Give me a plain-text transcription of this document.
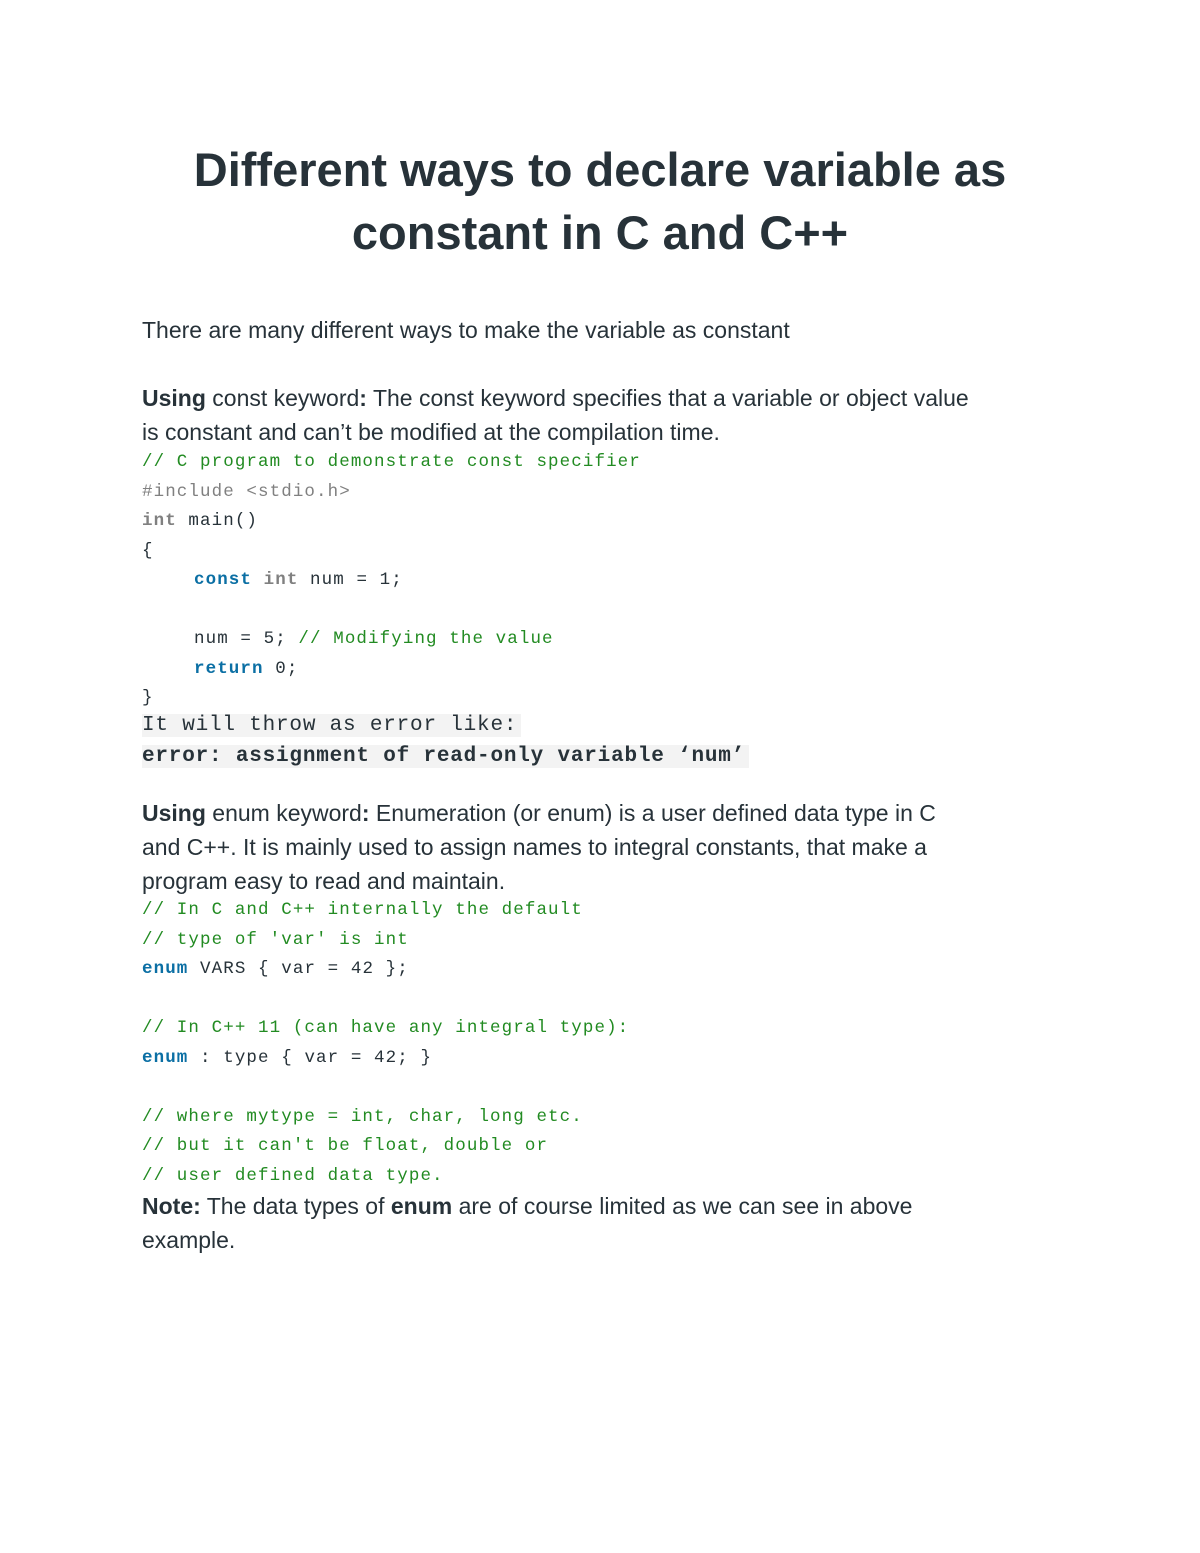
Different ways to declare variable as constant in C and C++
There are many different ways to make the variable as constant
Using const keyword: The const keyword specifies that a variable or object value
is constant and can’t be modified at the compilation time.
// C program to demonstrate const specifier
#include <stdio.h>
int main()
{
const int num = 1;

num = 5; // Modifying the value
return 0;
}
It will throw as error like:
error: assignment of read-only variable ‘num’
Using enum keyword: Enumeration (or enum) is a user defined data type in C
and C++. It is mainly used to assign names to integral constants, that make a
program easy to read and maintain.
// In C and C++ internally the default
// type of 'var' is int
enum VARS { var = 42 };

// In C++ 11 (can have any integral type):
enum : type { var = 42; }

// where mytype = int, char, long etc.
// but it can't be float, double or
// user defined data type.
Note: The data types of enum are of course limited as we can see in above
example.
